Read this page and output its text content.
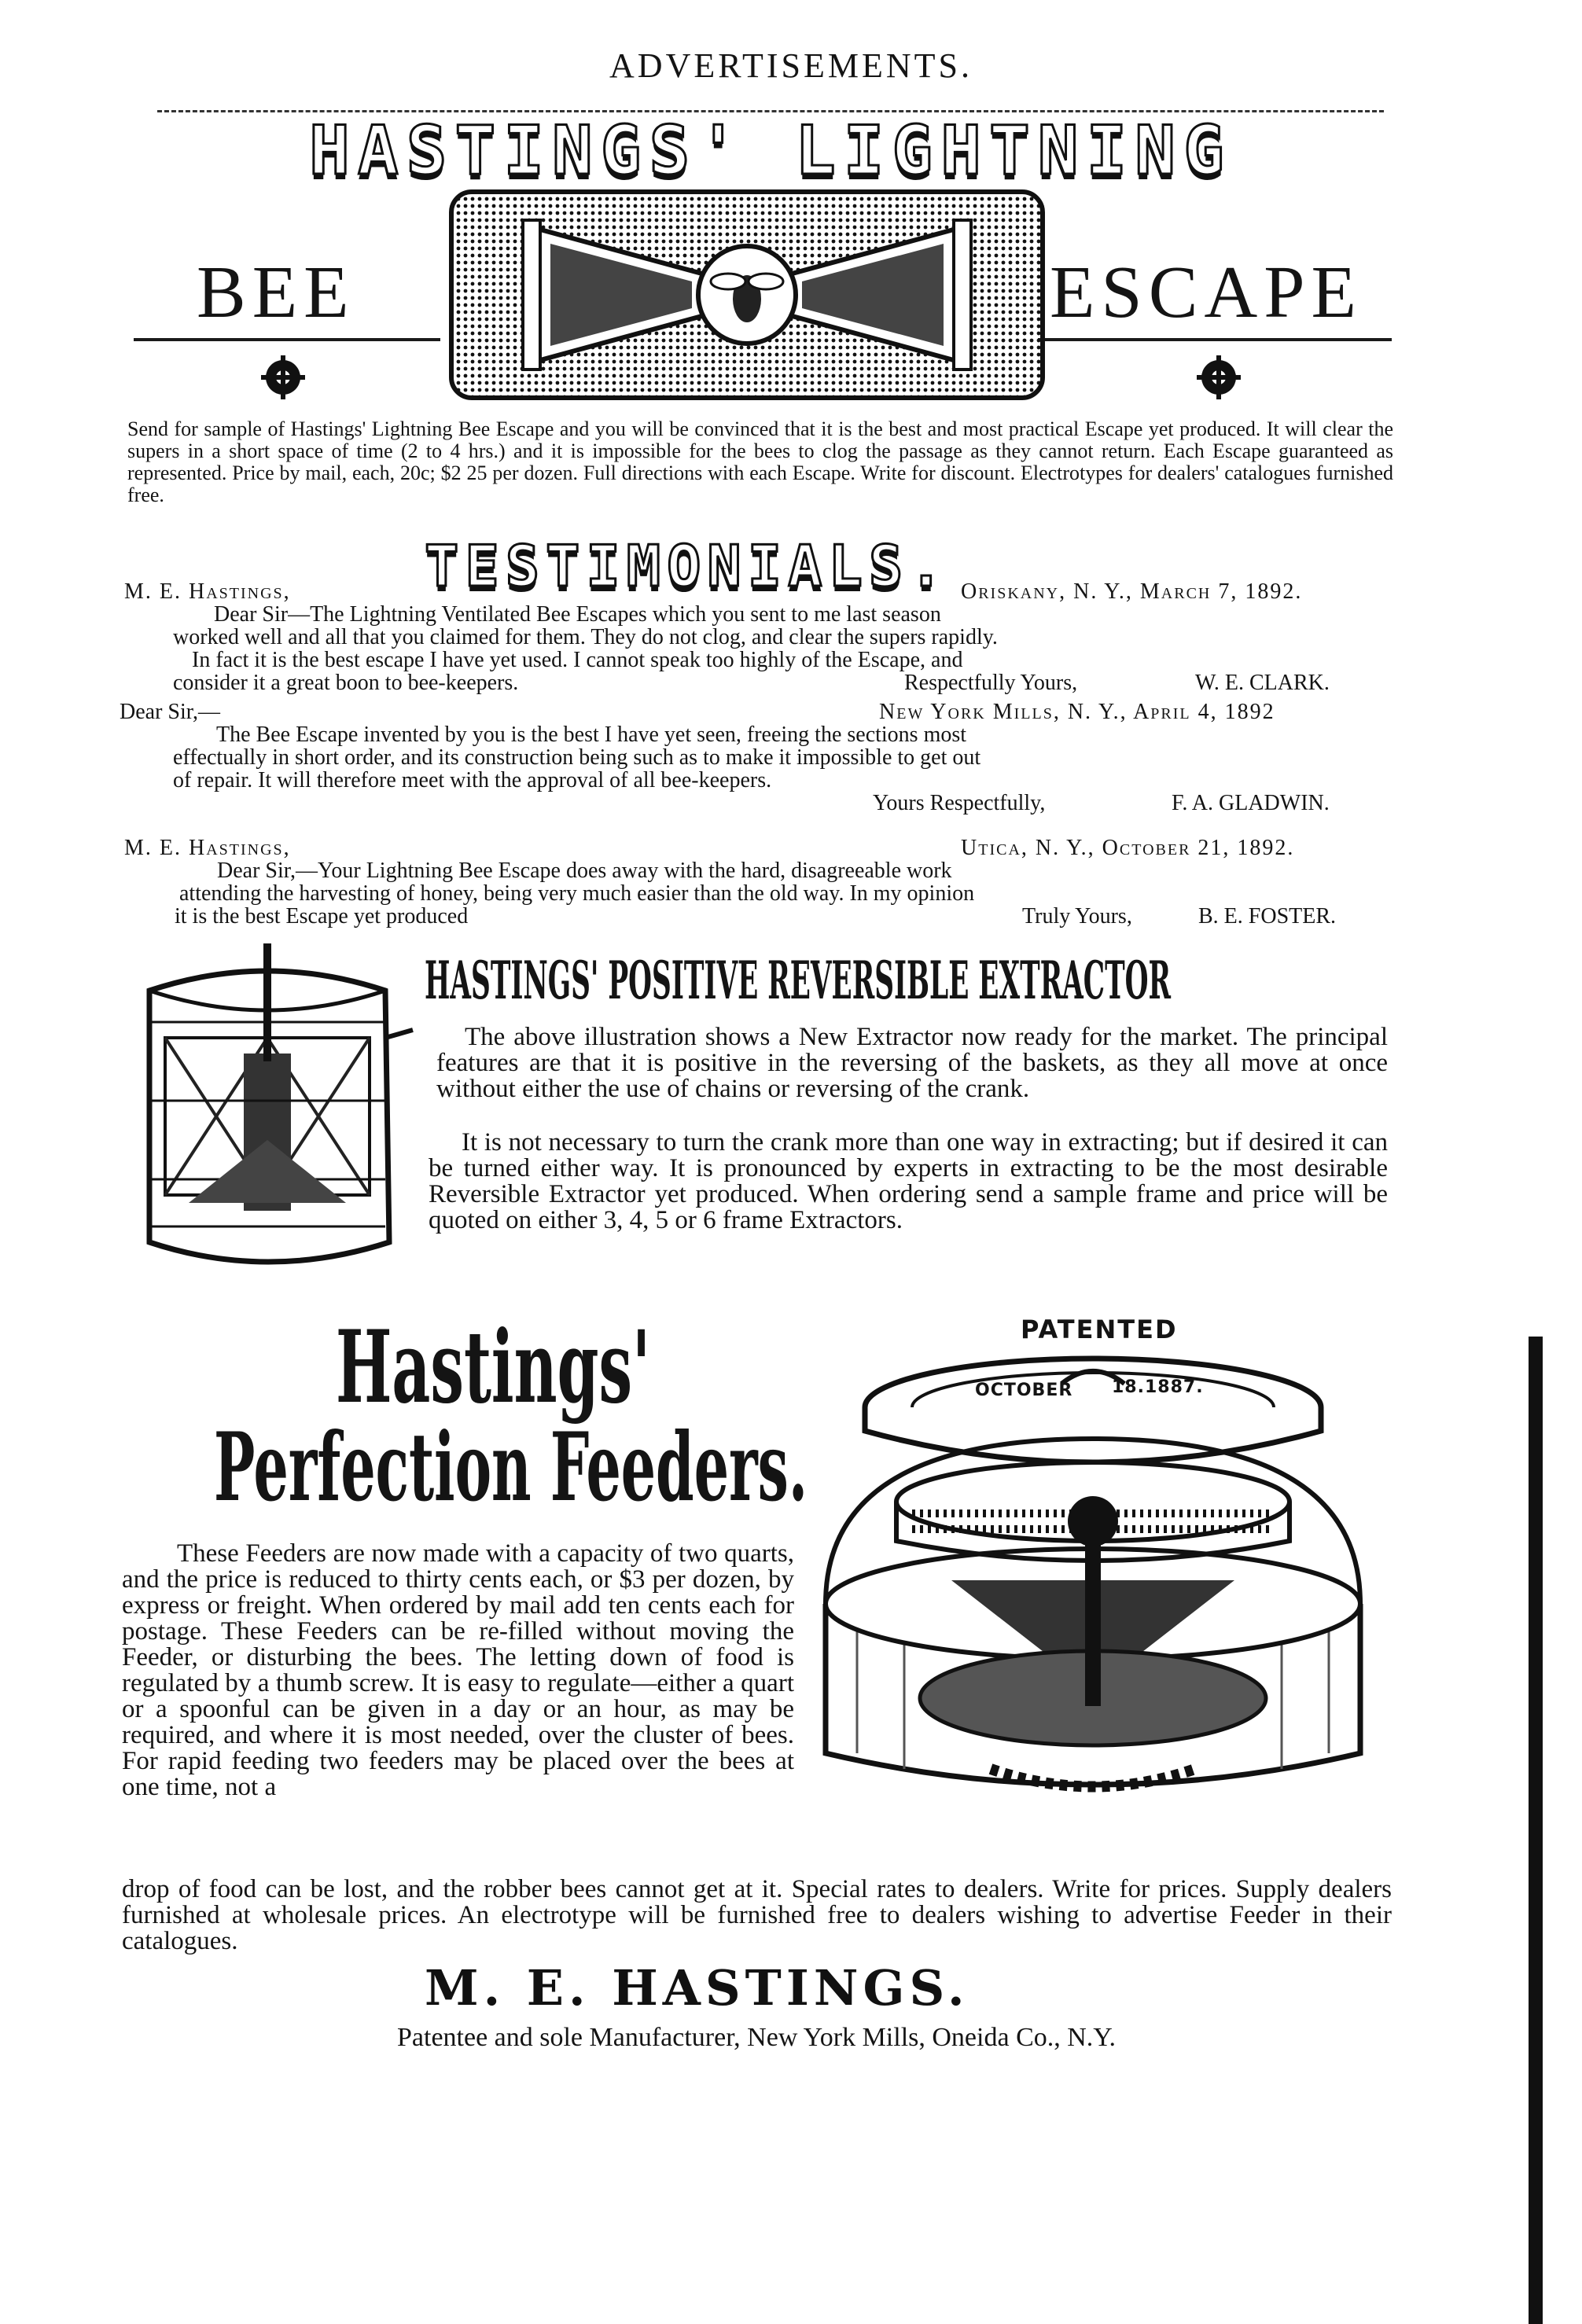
ADVERTISEMENTS.
HASTINGS' LIGHTNING
BEE	ESCAPE
Send for sample of Hastings' Lightning Bee Escape and you will be convinced that it is the best and most practical Escape yet produced. It will clear the supers in a short space of time (2 to 4 hrs.) and it is impossible for the bees to clog the passage as they cannot return. Each Escape guaranteed as represented. Price by mail, each, 20c; $2 25 per dozen. Full directions with each Escape. Write for discount. Electrotypes for dealers' catalogues furnished free.
TESTIMONIALS.
M. E. Hastings,	Oriskany, N. Y., March 7, 1892.
Dear Sir—The Lightning Ventilated Bee Escapes which you sent to me last season
worked well and all that you claimed for them. They do not clog, and clear the supers rapidly.
In fact it is the best escape I have yet used. I cannot speak too highly of the Escape, and
consider it a great boon to bee-keepers.	Respectfully Yours,	W. E. CLARK.
Dear Sir,—	New York Mills, N. Y., April 4, 1892
The Bee Escape invented by you is the best I have yet seen, freeing the sections most
effectually in short order, and its construction being such as to make it impossible to get out
of repair. It will therefore meet with the approval of all bee-keepers.
Yours Respectfully,	F. A. GLADWIN.
M. E. Hastings,	Utica, N. Y., October 21, 1892.
Dear Sir,—Your Lightning Bee Escape does away with the hard, disagreeable work
attending the harvesting of honey, being very much easier than the old way. In my opinion
it is the best Escape yet produced	Truly Yours,	B. E. FOSTER.
HASTINGS' POSITIVE REVERSIBLE EXTRACTOR
The above illustration shows a New Extractor now ready for the market. The principal features are that it is positive in the reversing of the baskets, as they all move at once without either the use of chains or reversing of the crank.
It is not necessary to turn the crank more than one way in extracting; but if desired it can be turned either way. It is pronounced by experts in extracting to be the most desirable Reversible Extractor yet produced. When ordering send a sample frame and price will be quoted on either 3, 4, 5 or 6 frame Extractors.
Hastings'
Perfection Feeders.
PATENTED
OCTOBER 18.1887.
These Feeders are now made with a capacity of two quarts, and the price is reduced to thirty cents each, or $3 per dozen, by express or freight. When ordered by mail add ten cents each for postage. These Feeders can be re-filled without moving the Feeder, or disturbing the bees. The letting down of food is regulated by a thumb screw. It is easy to regulate—either a quart or a spoonful can be given in a day or an hour, as may be required, and where it is most needed, over the cluster of bees. For rapid feeding two feeders may be placed over the bees at one time, not a
drop of food can be lost, and the robber bees cannot get at it. Special rates to dealers. Write for prices. Supply dealers furnished at wholesale prices. An electrotype will be furnished free to dealers wishing to advertise Feeder in their catalogues.
M. E. HASTINGS.
Patentee and sole Manufacturer, New York Mills, Oneida Co., N.Y.
